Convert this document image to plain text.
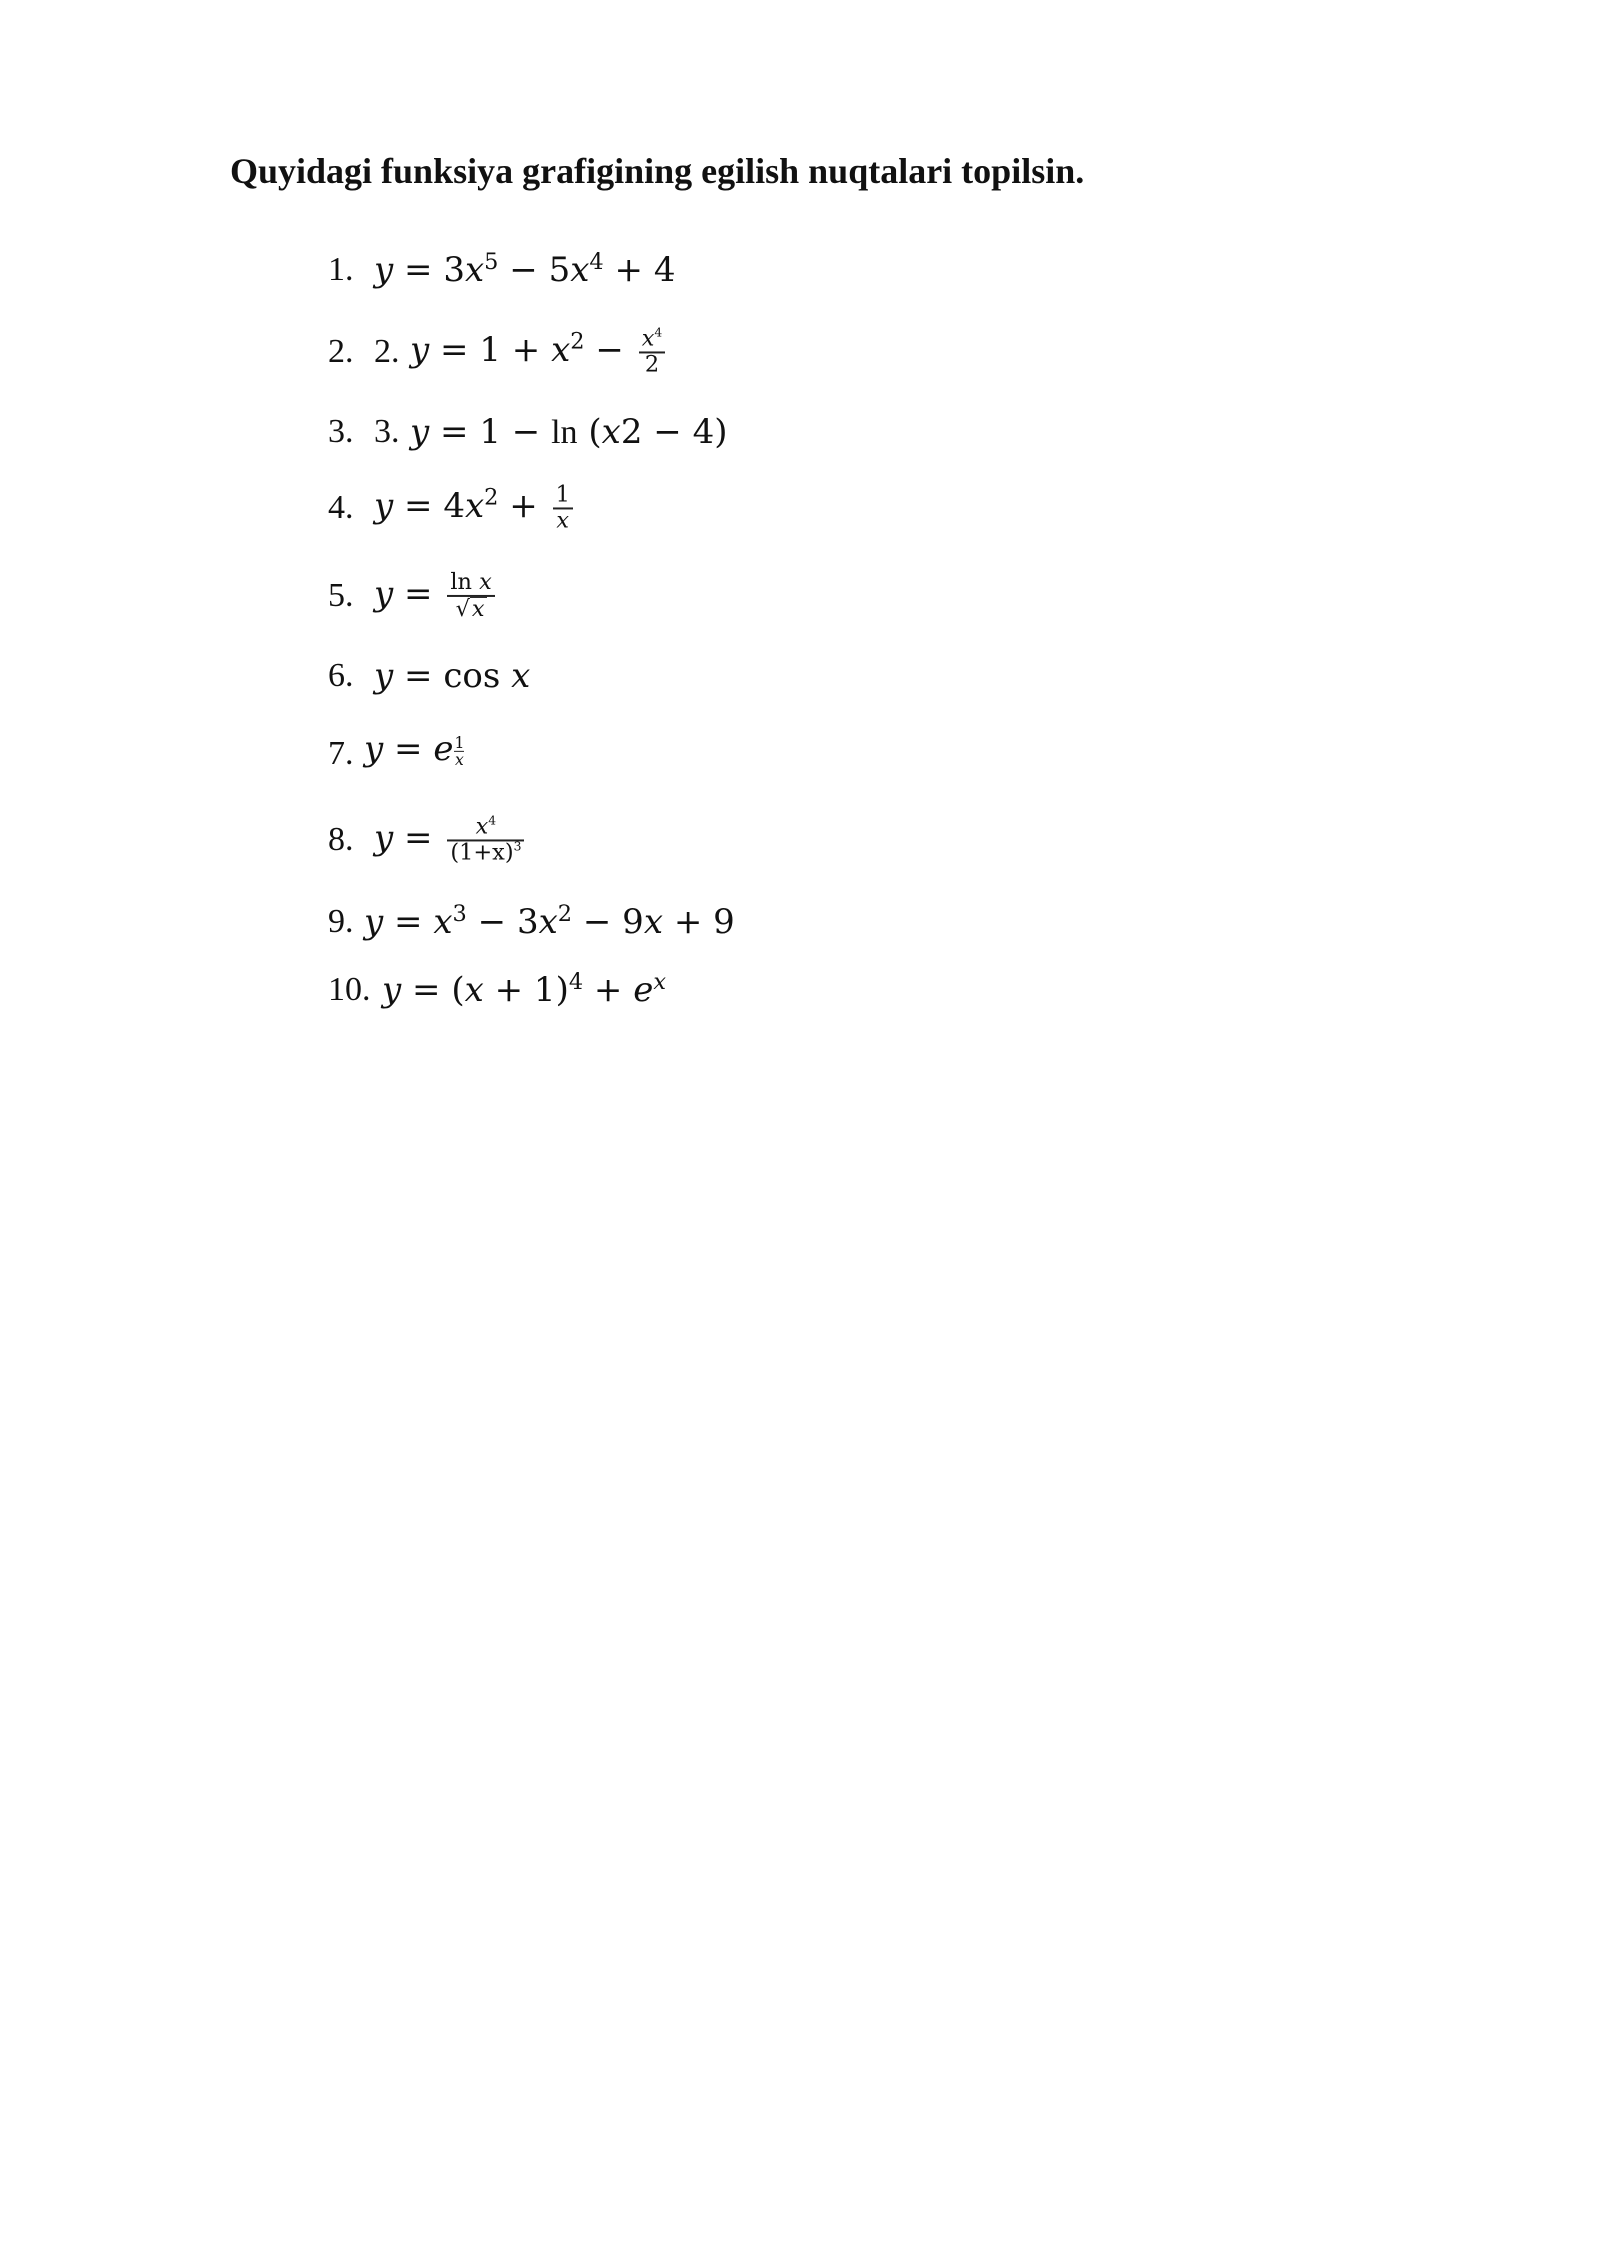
Quyidagi funksiya grafigining egilish nuqtalari topilsin.
1. $y = 3x^5 - 5x^4 + 4$
2. 2. $y = 1 + x^2 - \frac{x^4}{2}$
3. 3. y = 1 − ln (x2 − 4)
4. $y = 4x^2 + \frac{1}{x}$
5. $y = \frac{\text{ln x}}{√ x}$
6. y = cos x
7. y = e $\frac{1}{x}$
8. $y = \frac{x^4}{(1+x)^3}$
9. $y = x^3 - 3x^2 - 9x + 9$
10. $y = (x + 1)^4 + e^x$
